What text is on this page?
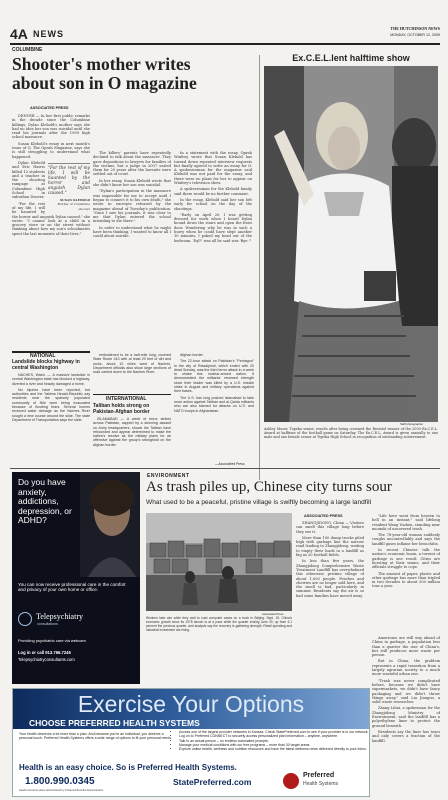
4A NEWS
THE HUTCHINSON NEWS
MONDAY, OCTOBER 12, 2009
COLUMBINE
Shooter's mother writes
about son in O magazine
ASSOCIATED PRESS

DENVER — In her first public remarks in the decade since the Columbine killings, Dylan Klebold's mother says she had no idea her son was suicidal until she read his journals after the 1999 high school massacre.

Susan Klebold's essay in next month's issue of O, The Oprah Magazine, says she is still struggling to understand what happened.

"For the rest of my life, I will be haunted by the horror and anguish Dylan caused."
SUSAN KLEBOLD
Mother of Columbine shooter

Dylan Klebold and Eric Harris killed 12 students and a teacher in the shooting rampage at Columbine High School in suburban Denver.

"For the rest of my life, I will be haunted by the horror and anguish Dylan caused," she wrote. "I cannot look at a child in a grocery store or on the street without thinking about how my son's schoolmates spent the last moments of their lives."

The killers' parents have repeatedly declined to talk about the massacre. They gave depositions to lawyers for families of the victims, but a judge in 2007 sealed them for 20 years after the lawsuits were settled out of court.

In her essay, Susan Klebold wrote that she didn't know her son was suicidal.

"Dylan's participation in the massacre was impossible for me to accept until I began to connect it to his own death," she wrote in excerpts released by the magazine ahead of Tuesday's publication. "Once I saw his journals, it was clear to me that Dylan entered the school intending to die there."

In order to understand what he might have been thinking, I wanted to know all I could about suicide.

In a statement with the essay, Oprah Winfrey wrote that Susan Klebold has turned down repeated interview requests but finally agreed to write an essay for O. A spokeswoman for the magazine said Klebold was not paid for the essay, and there were no plans for her to appear on Winfrey's television show.

A spokeswoman for the Klebold family said there would be no further comment.

In the essay, Klebold said her son left early for school on the day of the shootings.

"Early on April 20, I was getting dressed for work when I heard Dylan bound down the stairs and open the front door. Wondering why he was in such a hurry when he could have slept another 10 minutes, I poked my head out of the bedroom. 'Dyl?' was all he said was 'Bye.'"

Ex.C.E.L.lent halftime show
Ashley Moser, Topeka senior, results after being crowned the Resistol winner of the 2009 Ex.C.E.L. Award at halftime of the football game on Saturday. The Ex.C.E.L. Award is given annually to one male and one female senior at Topeka High School in recognition of outstanding achievement.
Staff photographer
NATIONAL
Landslide blocks highway in central Washington

NACHES, Wash. — A massive landslide in central Washington state has blocked a highway, diverted a river and heavily damaged a home.

No injuries have been reported, but authorities and the Yakima Herald-Republic say residents near the sparsely populated community of Nile were being evacuated because of flooding fears. Several homes received water damage as the Naches River sought a new course around the slide. The state Department of Transportation says the slide.

emboldened to be a half-mile long, covered State Route 410 with at least 20 feet of dirt and rocks, about 10 miles west of Naches. Department officials also show large sections of road carried down to the Naches River.

INTERNATIONAL
Taliban holds strong on Pakistan-Afghan border
ISLAMABAD — A week of terror strikes across Pakistan, capped by a stunning assault on Army headquarters, shows the Taliban have rebounded and appear determined to make the nation's resolve as the military plans for an offensive against the group's stronghold on the Afghan border.

Afghan border.

The 22-hour attack on Pakistan's "Pentagon" in the city of Rawalpindi, which ended with 20 dead Sunday, was the third terror attack in a week to shake this nuclear-armed nation. It demonstrated the militants' renewed strength since their leader was killed by a U.S. missile strike in August and military operations against their bases.

The U.S. has long pushed Islamabad to take more action against Taliban and al-Qaida militants who are also blamed for attacks on U.S. and NATO troops in Afghanistan.

—Associated Press
Do you have
anxiety,
addictions,
depression, or
ADHD?
You can now receive professional care in the comfort and privacy of your own home or office.
Telepsychiatry
consultations
Providing psychiatric care via webcam
Log in or call 913.766.7246
Telepsychiatryconsultants.com
ENVIRONMENT
As trash piles up, Chinese city turns sour
What used to be a peaceful, pristine village is swiftly becoming a large landfill
Associated Press
Workers take aim while they wait to load computer cases on a truck in Beijing. Sept. 15. China's economic growth since its 1978 launch is at a pace while the quarter ending June 30, up from 6.1 percent the previous quarter, and analysts say the recovery is gathering strength. Retail spending and industrial investment are rising.
ASSOCIATED PRESS

ZHANGJIDONG, China — Visitors can smell this village long before they see it.

More than 100 dump trucks piled high with garbage line the narrow road leading to Zhangjidong, waiting to empty their loads in a landfill as big as 20 football fields.

In less than five years, the Zhangjidong Comprehensive Waste Treatment Landfill has overwhelmed this otherwise pristine village of about 1,000 people. Peaches and cherries are no longer sold here, and the smell is bad, particularly in summer. Residents say the air is so bad some families have moved away.

"Life here went from heaven to hell in an instant," said lifelong resident Wang Yuzhen, standing near mounds of uncovered trash.

The 78-year-old woman suddenly coughs uncontrollably and says the landfill gases inflame her bronchitis.

In recent Chinese talk the nation's economic boom, a torrent of garbage is one result. Cities are bursting at their seams, and their officials struggle to cope.

The amount of paper, plastic and other garbage has more than tripled in two decades to about 300 million tons a year.

Americans are still way ahead of China in garbage, a population less than a quarter the size of China's, but still produces more waste per person.

But in China, the problem represents a rapid transition from a largely agrarian society to a much more wasteful urban one.

"Trash was never complicated before, because we didn't have supermarkets, we didn't have fancy packaging and we didn't throw things away," said Liu Jianguo, a solid waste researcher.

Zhang Lihai, a spokesman for the Zhangjidong Ministry of Environment, said the landfill has a polyethylene liner to protect the ground beneath.

Residents say the liner has tears and only covers a fraction of the landfill.

Exercise Your Options
CHOOSE PREFERRED HEALTH SYSTEMS
Your health deserves a lot more than a plan. And because you're an individual, you deserve a personal touch. Preferred Health Systems offers a wide range of options to fit your personal needs.
• Access one of the largest provider networks in Kansas. Check StatePreferred.com to see if your provider is in our network.
• Log on to Preferred CONNECT to securely access personalized plan information – anytime, anywhere.
• Talk to an actual person – no endless automated prompts.
• Manage your medical conditions with our free programs – more than 30 target areas.
• Explore online health, wellness and nutrition resources and have the latest wellness news delivered directly to your inbox.
Health is an easy choice. So is Preferred Health Systems.
1.800.990.0345
Health insurance plans administered by Preferred Benefits Administrators
StatePreferred.com
Preferred
Health Systems
